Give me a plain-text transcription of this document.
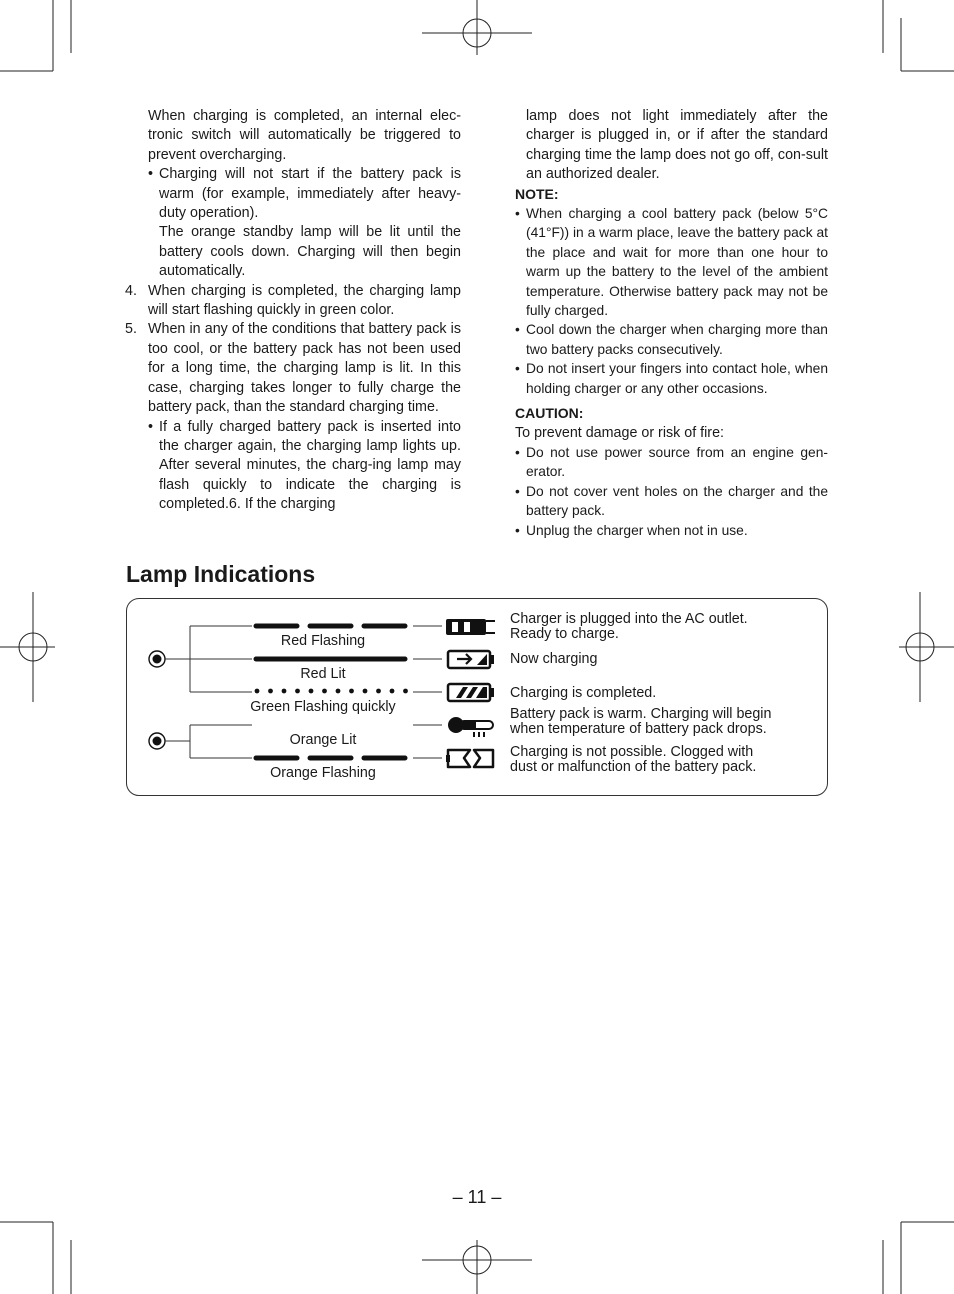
When charging is completed, an internal elec-tronic switch will automatically be triggered to prevent overcharging.

• Charging will not start if the battery pack is warm (for example, immediately after heavy-duty operation).

The orange standby lamp will be lit until the battery cools down. Charging will then begin automatically.

4. When charging is completed, the charging lamp will start flashing quickly in green color.

5. When in any of the conditions that battery pack is too cool, or the battery pack has not been used for a long time, the charging lamp is lit. In this case, charging takes longer to fully charge the battery pack, than the standard charging time.

• If a fully charged battery pack is inserted into the charger again, the charging lamp lights up. After several minutes, the charg-ing lamp may flash quickly to indicate the charging is completed.6. If the charging

lamp does not light immediately after the charger is plugged in, or if after the standard charging time the lamp does not go off, con-sult an authorized dealer.

NOTE:

• When charging a cool battery pack (below 5°C (41°F)) in a warm place, leave the battery pack at the place and wait for more than one hour to warm up the battery to the level of the ambient temperature. Otherwise battery pack may not be fully charged.

• Cool down the charger when charging more than two battery packs consecutively.

• Do not insert your fingers into contact hole, when holding charger or any other occasions.

CAUTION:

To prevent damage or risk of fire:

• Do not use power source from an engine gen-erator.

• Do not cover vent holes on the charger and the battery pack.

• Unplug the charger when not in use.

Lamp Indications
Red Flashing
Red Lit
Green Flashing quickly
Orange Lit
Orange Flashing
Charger is plugged into the AC outlet.
Ready to charge.
Now charging
Charging is completed.
Battery pack is warm. Charging will begin
when temperature of battery pack drops.
Charging is not possible. Clogged with
dust or malfunction of the battery pack.
– 11 –
